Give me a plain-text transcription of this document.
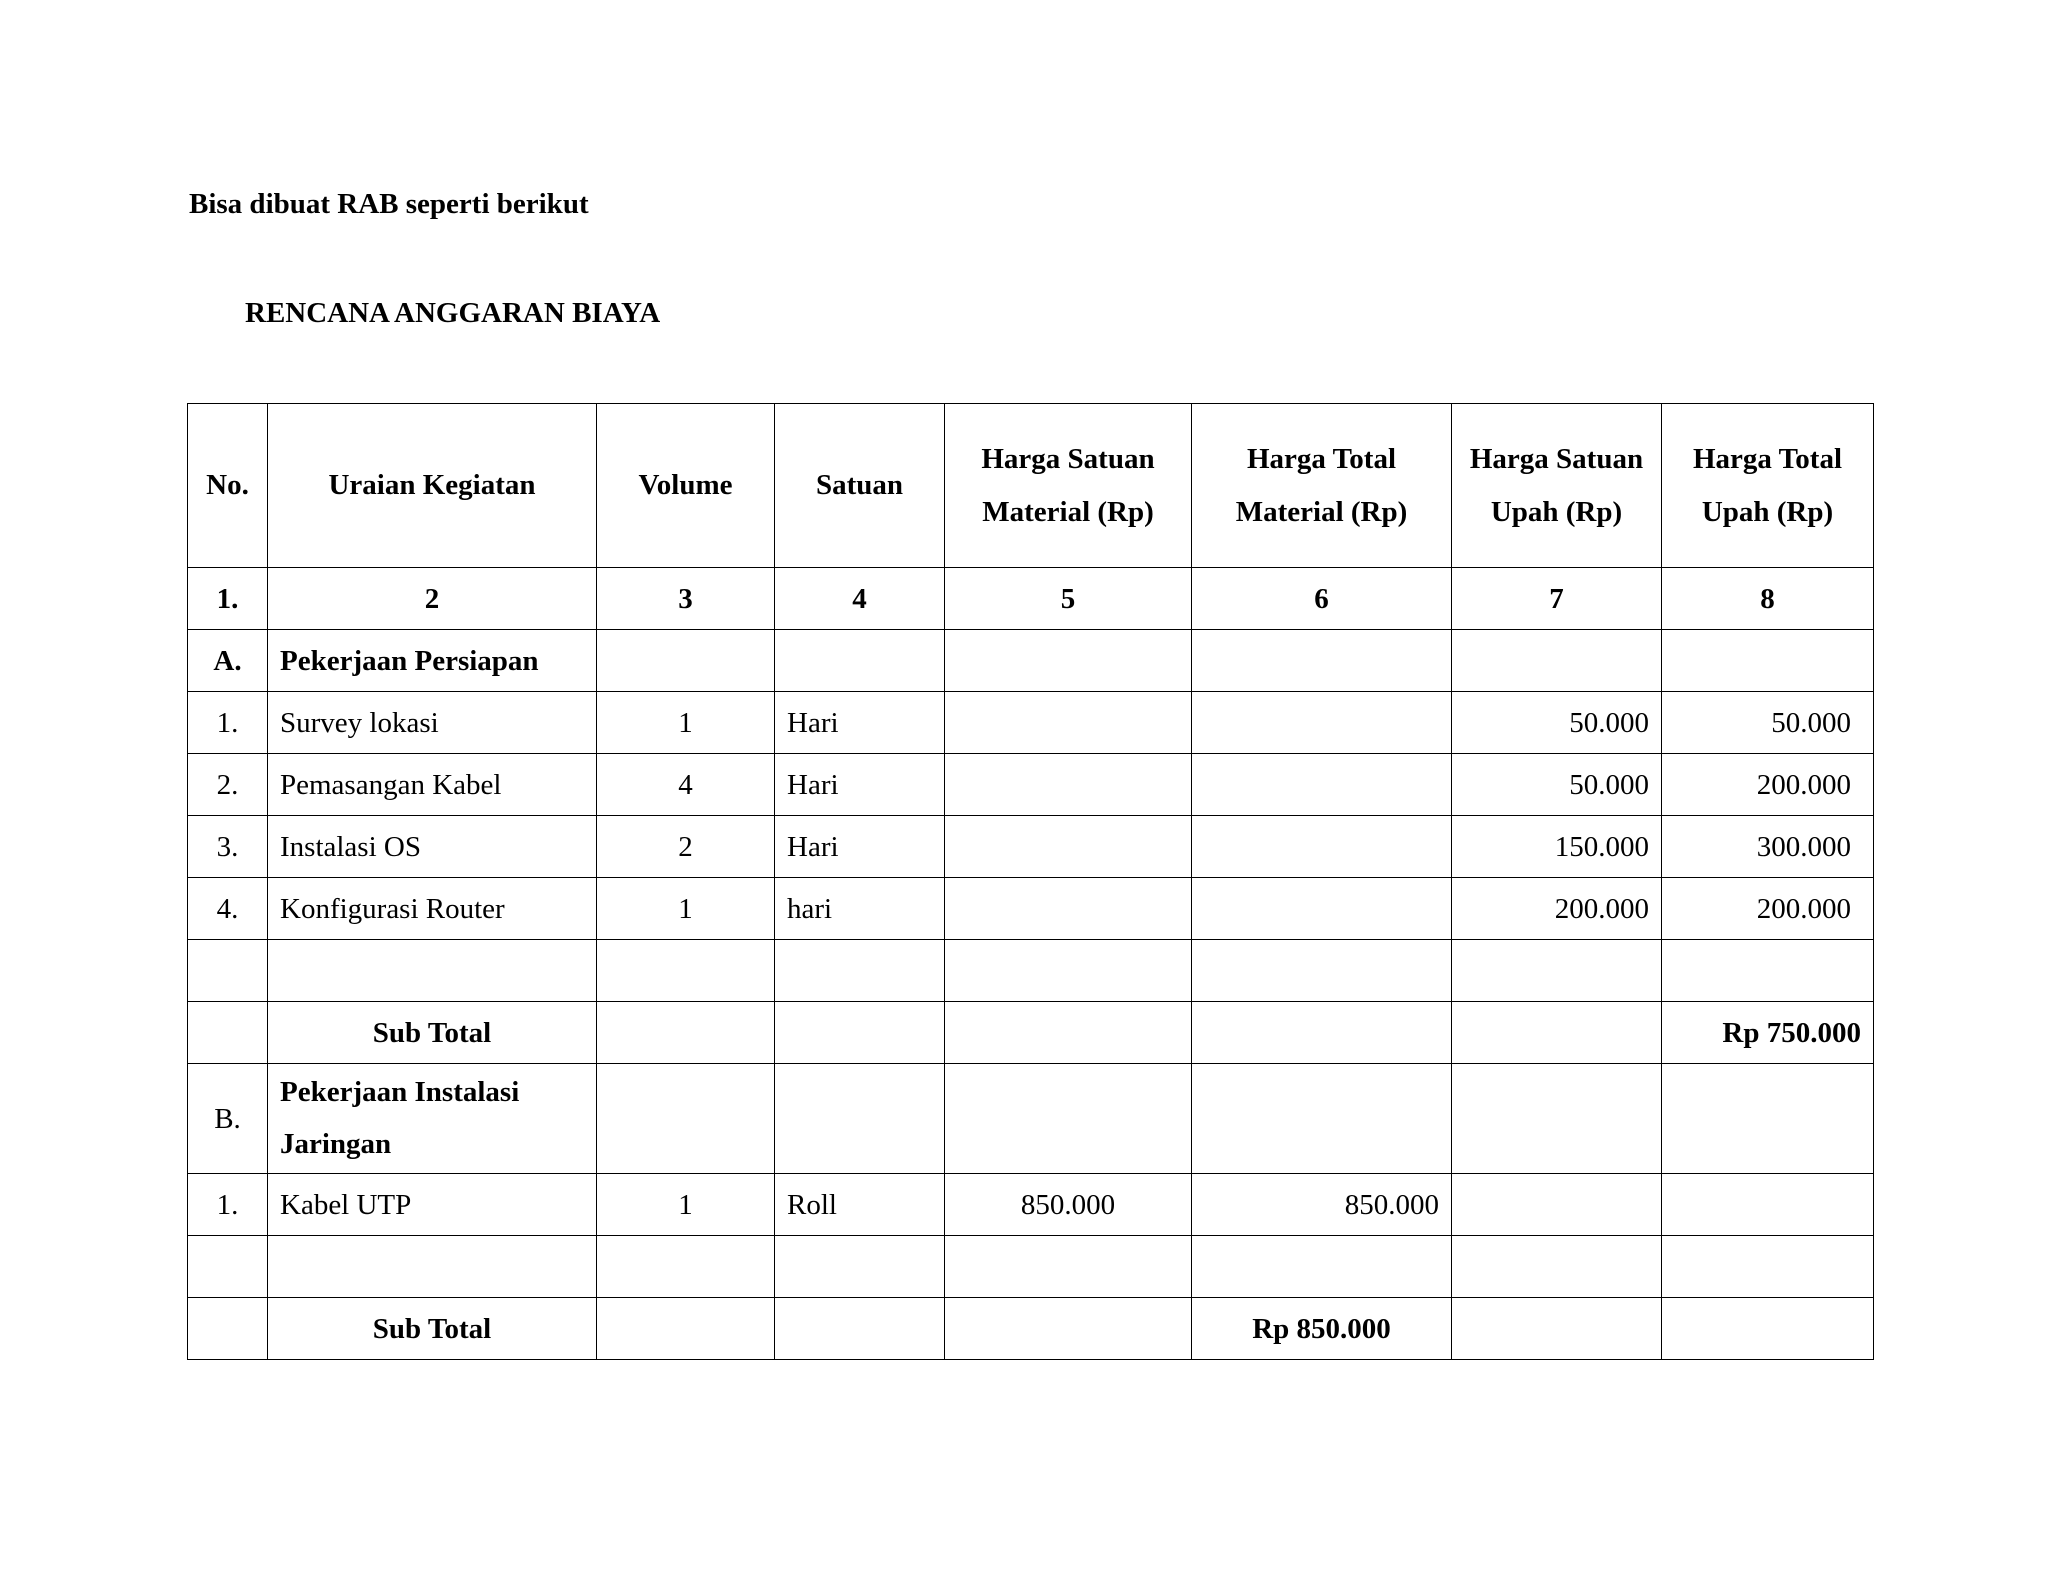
Bisa dibuat RAB seperti berikut
RENCANA ANGGARAN BIAYA
No.	Uraian Kegiatan	Volume	Satuan	Harga Satuan Material (Rp)	Harga Total Material (Rp)	Harga Satuan Upah (Rp)	Harga Total Upah (Rp)
1.	2	3	4	5	6	7	8
A.	Pekerjaan Persiapan						
1.	Survey lokasi	1	Hari			50.000	50.000
2.	Pemasangan Kabel	4	Hari			50.000	200.000
3.	Instalasi OS	2	Hari			150.000	300.000
4.	Konfigurasi Router	1	hari			200.000	200.000

	Sub Total						Rp 750.000
B.	Pekerjaan Instalasi Jaringan						
1.	Kabel UTP	1	Roll	850.000	850.000		

	Sub Total				Rp 850.000		
